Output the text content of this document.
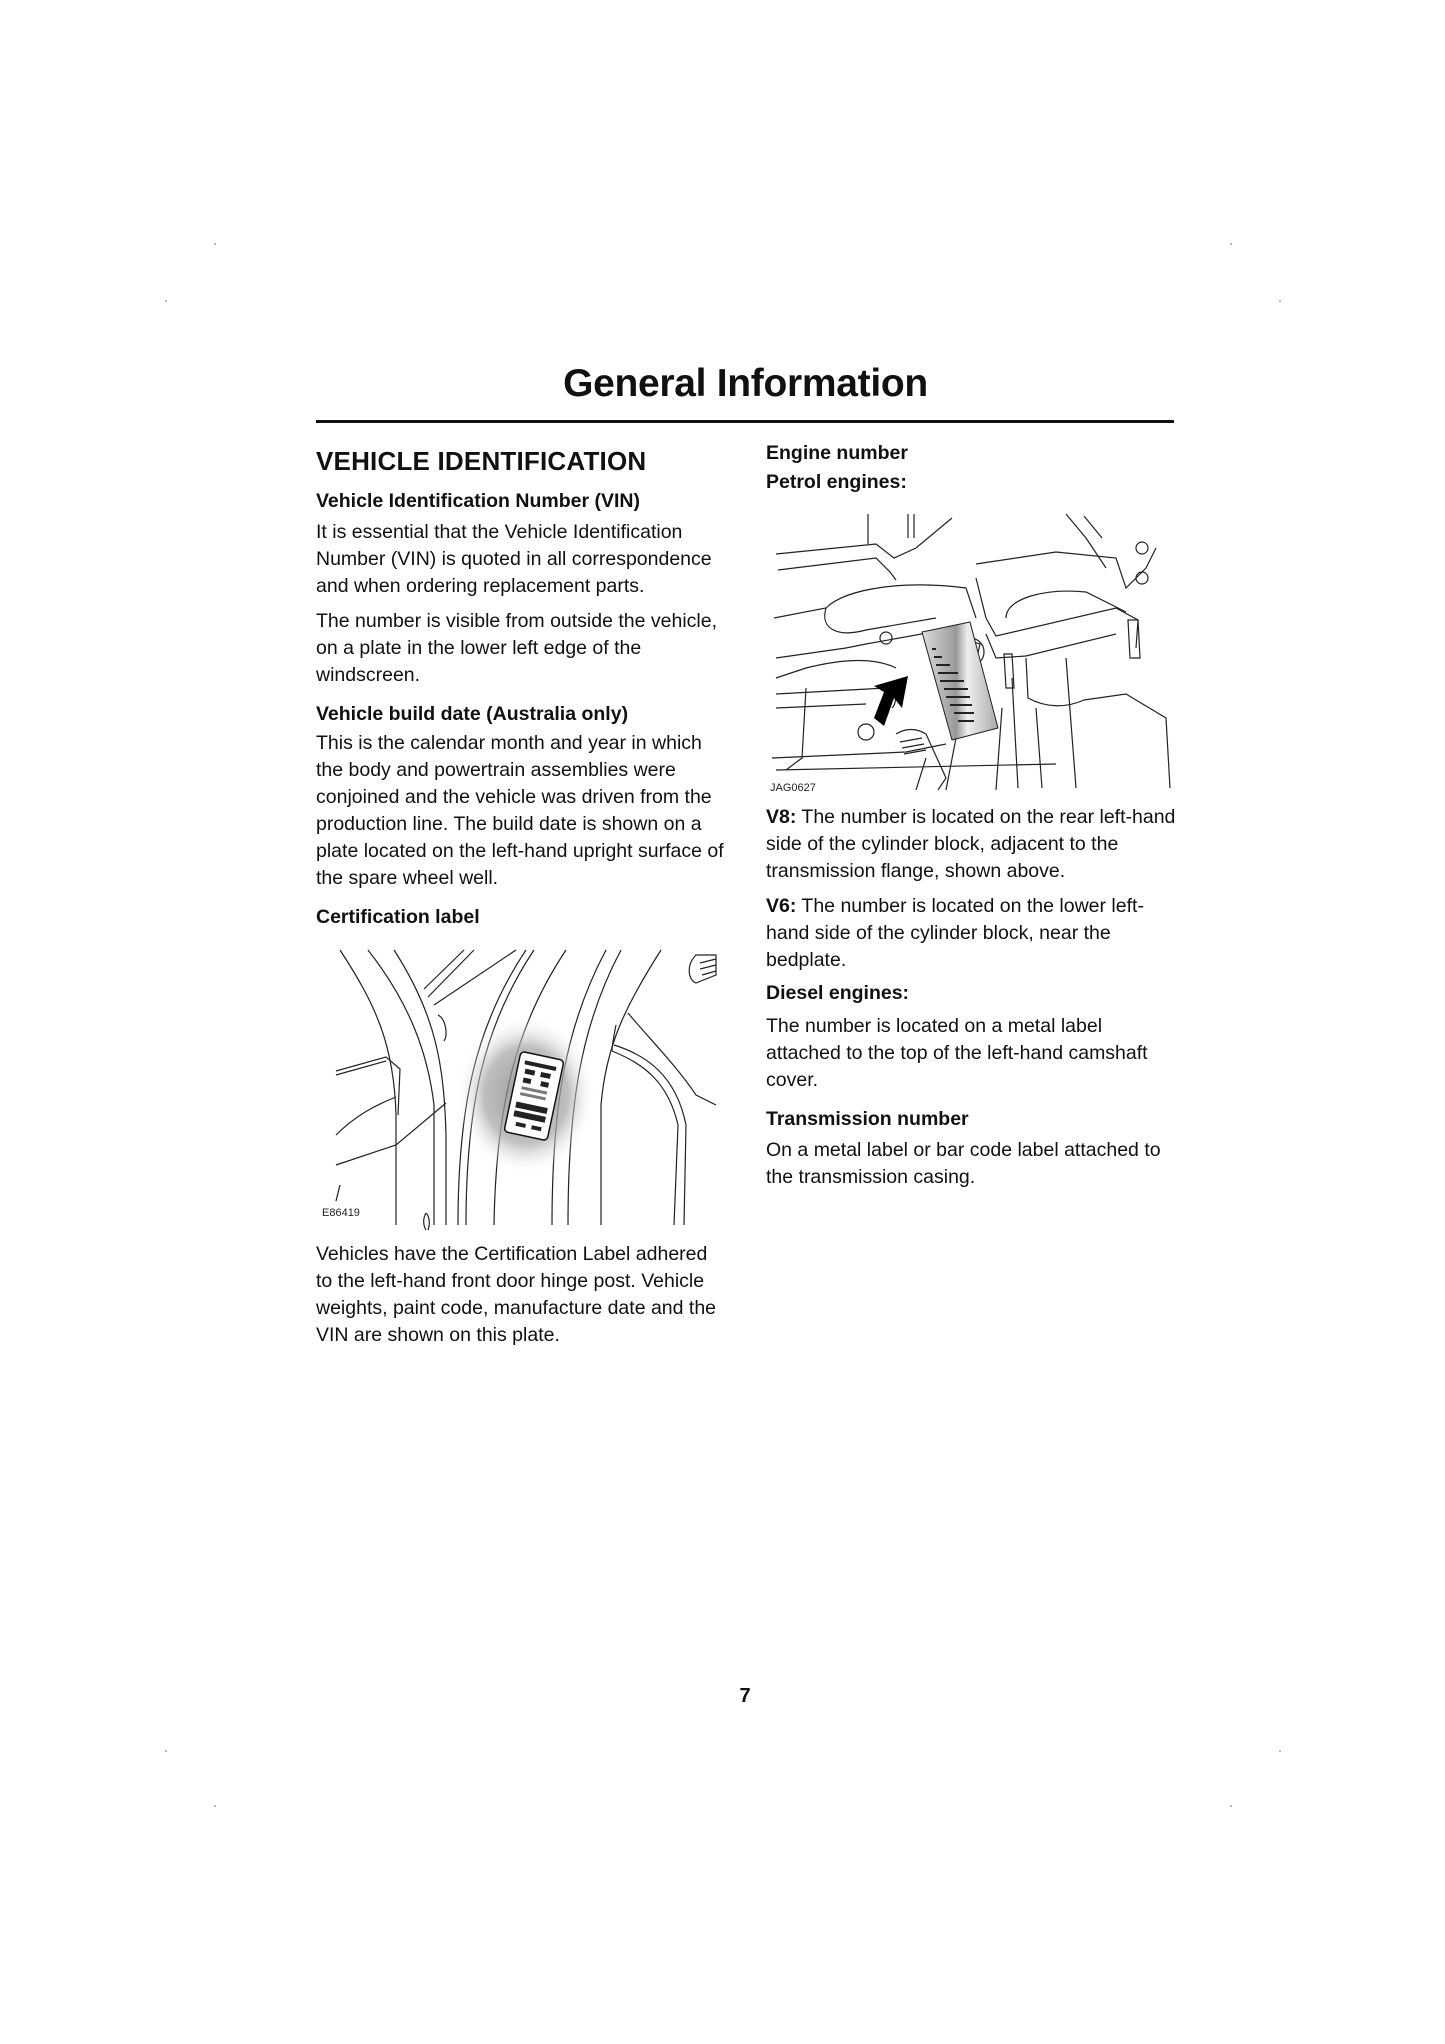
General Information
VEHICLE IDENTIFICATION
Vehicle Identification Number (VIN)

It is essential that the Vehicle Identification Number (VIN) is quoted in all correspondence and when ordering replacement parts.

The number is visible from outside the vehicle, on a plate in the lower left edge of the windscreen.

Vehicle build date (Australia only)

This is the calendar month and year in which the body and powertrain assemblies were conjoined and the vehicle was driven from the production line. The build date is shown on a plate located on the left-hand upright surface of the spare wheel well.

Certification label
E86419

Vehicles have the Certification Label adhered to the left-hand front door hinge post. Vehicle weights, paint code, manufacture date and the VIN are shown on this plate.

Engine number
Petrol engines:
JAG0627

V8: The number is located on the rear left-hand side of the cylinder block, adjacent to the transmission flange, shown above.

V6: The number is located on the lower left-hand side of the cylinder block, near the bedplate.

Diesel engines:

The number is located on a metal label attached to the top of the left-hand camshaft cover.

Transmission number

On a metal label or bar code label attached to the transmission casing.

7
